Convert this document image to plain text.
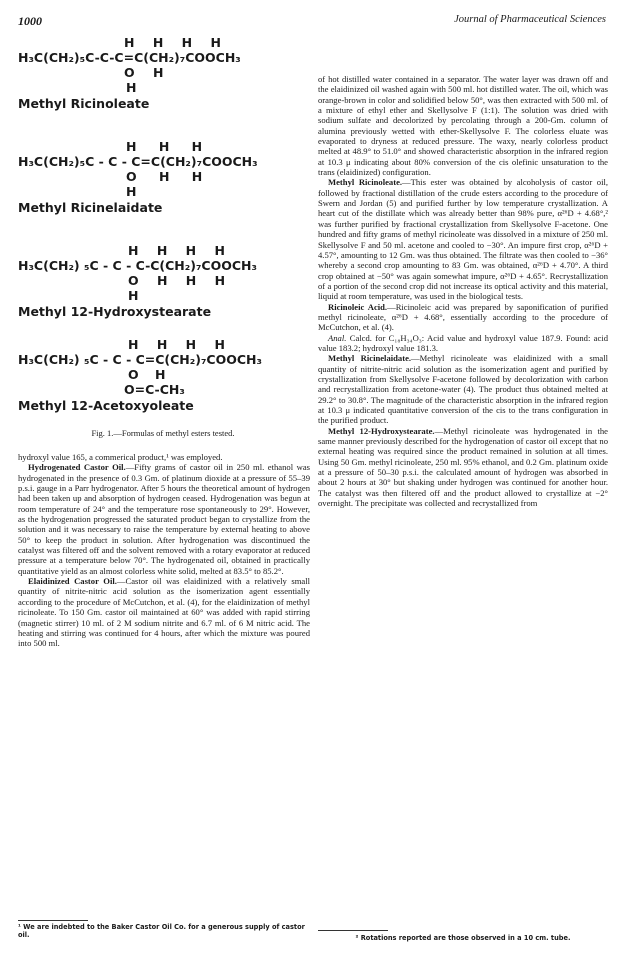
1000	Journal of Pharmaceutical Sciences
H H H H
H₃C(CH₂)₅C-C-C=C(CH₂)₇COOCH₃
O H
H
Methyl Ricinoleate
H H H
H₃C(CH₂)₅C - C - C=C(CH₂)₇COOCH₃
O H H
H
Methyl Ricinelaidate
H H H H
H₃C(CH₂) ₅C - C - C-C(CH₂)₇COOCH₃
O H H H
H
Methyl 12-Hydroxystearate
H H H H
H₃C(CH₂) ₅C - C - C=C(CH₂)₇COOCH₃
O H
O=C-CH₃
Methyl 12-Acetoxyoleate
Fig. 1.—Formulas of methyl esters tested.

hydroxyl value 165, a commerical product,¹ was employed.

Hydrogenated Castor Oil.—Fifty grams of castor oil in 250 ml. ethanol was hydrogenated in the presence of 0.3 Gm. of platinum dioxide at a pressure of 55–39 p.s.i. gauge in a Parr hydrogenator. After 5 hours the theoretical amount of hydrogen had been taken up and absorption of hydrogen ceased. Hydrogenation was begun at room temperature of 24° and the temperature rose spontaneously to 29°. However, as the hydrogenation progressed the saturated product began to crystallize from the solution and it was necessary to raise the temperature by external heating to above 50° to keep the product in solution. After hydrogenation was discontinued the catalyst was filtered off and the solvent removed with a rotary evaporator at reduced pressure at a temperature below 70°. The hydrogenated oil, obtained in practically quantitative yield as an almost colorless white solid, melted at 83.5° to 85.2°.

Elaidinized Castor Oil.—Castor oil was elaidinized with a relatively small quantity of nitrite-nitric acid solution as the isomerization agent essentially according to the procedure of McCutchon, et al. (4), for the elaidinization of methyl ricinoleate. To 150 Gm. castor oil maintained at 60° was added with rapid stirring (magnetic stirrer) 10 ml. of 2 M sodium nitrite and 6.7 ml. of 6 M nitric acid. The heating and stirring was continued for 4 hours, after which the mixture was poured into 500 ml.

¹ We are indebted to the Baker Castor Oil Co. for a generous supply of castor oil.

of hot distilled water contained in a separator. The water layer was drawn off and the elaidinized oil washed again with 500 ml. hot distilled water. The oil, which was orange-brown in color and solidified below 50°, was then extracted with 500 ml. of a mixture of ethyl ether and Skellysolve F (1:1). The solution was dried with sodium sulfate and decolorized by percolating through a 200-Gm. column of alumina previously wetted with ether-Skellysolve F. The colorless eluate was evaporated to dryness at reduced pressure. The waxy, nearly colorless product melted at 48.9° to 51.0° and showed characteristic absorption in the infrared region at 10.3 μ indicating about 80% conversion of the cis olefinic unsaturation to the trans (elaidinized) configuration.

Methyl Ricinoleate.—This ester was obtained by alcoholysis of castor oil, followed by fractional distillation of the crude esters according to the procedure of Swern and Jordan (5) and purified further by low temperature crystallization. A heart cut of the distillate which was already better than 98% pure, α²⁶D + 4.68°,² was further purified by fractional crystallization from Skellysolve F-acetone. One hundred and fifty grams of methyl ricinoleate was dissolved in a mixture of 250 ml. Skellysolve F and 50 ml. acetone and cooled to −30°. An impure first crop, α²⁶D + 4.57°, amounting to 12 Gm. was thus obtained. The filtrate was then cooled to −36° whereby a second crop amounting to 83 Gm. was obtained, α²⁶D + 4.70°. A third crop obtained at −50° was again somewhat impure, α²⁶D + 4.65°. Recrystallization of a portion of the second crop did not increase its optical activity and this material, liquid at room temperature, was used in the biological tests.

Ricinoleic Acid.—Ricinoleic acid was prepared by saponification of purified methyl ricinoleate, α²⁶D + 4.68°, essentially according to the procedure of McCutchon, et al. (4).

Anal. Calcd. for C₁₈H₃₄O₃: Acid value and hydroxyl value 187.9. Found: acid value 183.2; hydroxyl value 181.3.

Methyl Ricinelaidate.—Methyl ricinoleate was elaidinized with a small quantity of nitrite-nitric acid solution as the isomerization agent and purified by crystallization from Skellysolve F-acetone followed by decolorization with carbon and recrystallization from acetone-water (4). The product thus obtained melted at 29.2° to 30.8°. The magnitude of the characteristic absorption in the infrared region at 10.3 μ indicated quantitative conversion of the cis to the trans configuration in the purified product.

Methyl 12-Hydroxystearate.—Methyl ricinoleate was hydrogenated in the same manner previously described for the hydrogenation of castor oil except that no external heating was required since the product remained in solution at all times. Using 50 Gm. methyl ricinoleate, 250 ml. 95% ethanol, and 0.2 Gm. platinum oxide at a pressure of 50–30 p.s.i. the calculated amount of hydrogen was absorbed in about 2 hours at 30° but shaking under hydrogen was continued for another hour. The catalyst was then filtered off and the product allowed to crystallize at −2° overnight. The precipitate was collected and recrystallized from

² Rotations reported are those observed in a 10 cm. tube.
